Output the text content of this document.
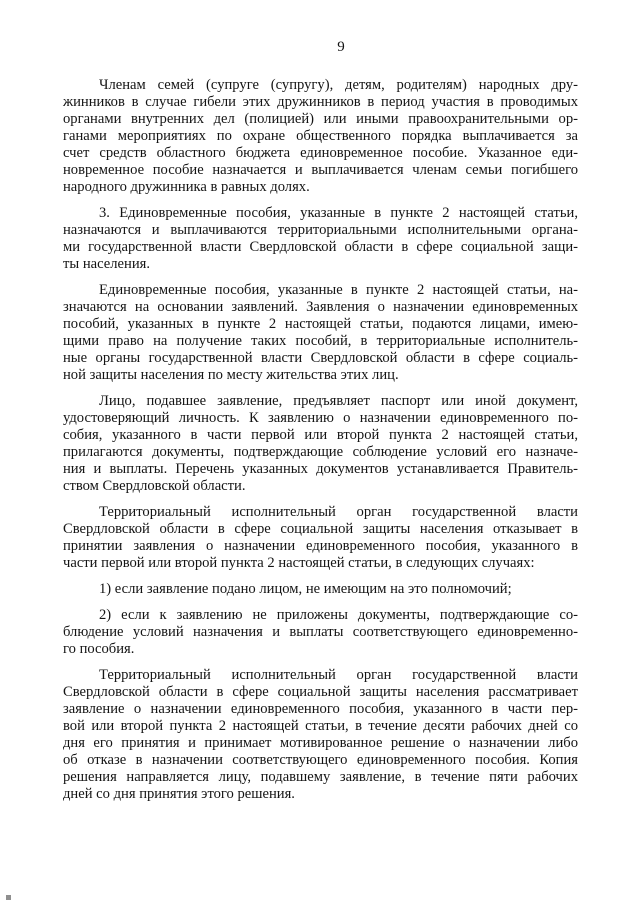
9
Членам семей (супруге (супругу), детям, родителям) народных дру-
жинников в случае гибели этих дружинников в период участия в проводимых
органами внутренних дел (полицией) или иными правоохранительными ор-
ганами мероприятиях по охране общественного порядка выплачивается за
счет средств областного бюджета единовременное пособие. Указанное еди-
новременное пособие назначается и выплачивается членам семьи погибшего
народного дружинника в равных долях.
3. Единовременные пособия, указанные в пункте 2 настоящей статьи,
назначаются и выплачиваются территориальными исполнительными органа-
ми государственной власти Свердловской области в сфере социальной защи-
ты населения.
Единовременные пособия, указанные в пункте 2 настоящей статьи, на-
значаются на основании заявлений. Заявления о назначении единовременных
пособий, указанных в пункте 2 настоящей статьи, подаются лицами, имею-
щими право на получение таких пособий, в территориальные исполнитель-
ные органы государственной власти Свердловской области в сфере социаль-
ной защиты населения по месту жительства этих лиц.
Лицо, подавшее заявление, предъявляет паспорт или иной документ,
удостоверяющий личность. К заявлению о назначении единовременного по-
собия, указанного в части первой или второй пункта 2 настоящей статьи,
прилагаются документы, подтверждающие соблюдение условий его назначе-
ния и выплаты. Перечень указанных документов устанавливается Правитель-
ством Свердловской области.
Территориальный исполнительный орган государственной власти
Свердловской области в сфере социальной защиты населения отказывает в
принятии заявления о назначении единовременного пособия, указанного в
части первой или второй пункта 2 настоящей статьи, в следующих случаях:
1) если заявление подано лицом, не имеющим на это полномочий;
2) если к заявлению не приложены документы, подтверждающие со-
блюдение условий назначения и выплаты соответствующего единовременно-
го пособия.
Территориальный исполнительный орган государственной власти
Свердловской области в сфере социальной защиты населения рассматривает
заявление о назначении единовременного пособия, указанного в части пер-
вой или второй пункта 2 настоящей статьи, в течение десяти рабочих дней со
дня его принятия и принимает мотивированное решение о назначении либо
об отказе в назначении соответствующего единовременного пособия. Копия
решения направляется лицу, подавшему заявление, в течение пяти рабочих
дней со дня принятия этого решения.
